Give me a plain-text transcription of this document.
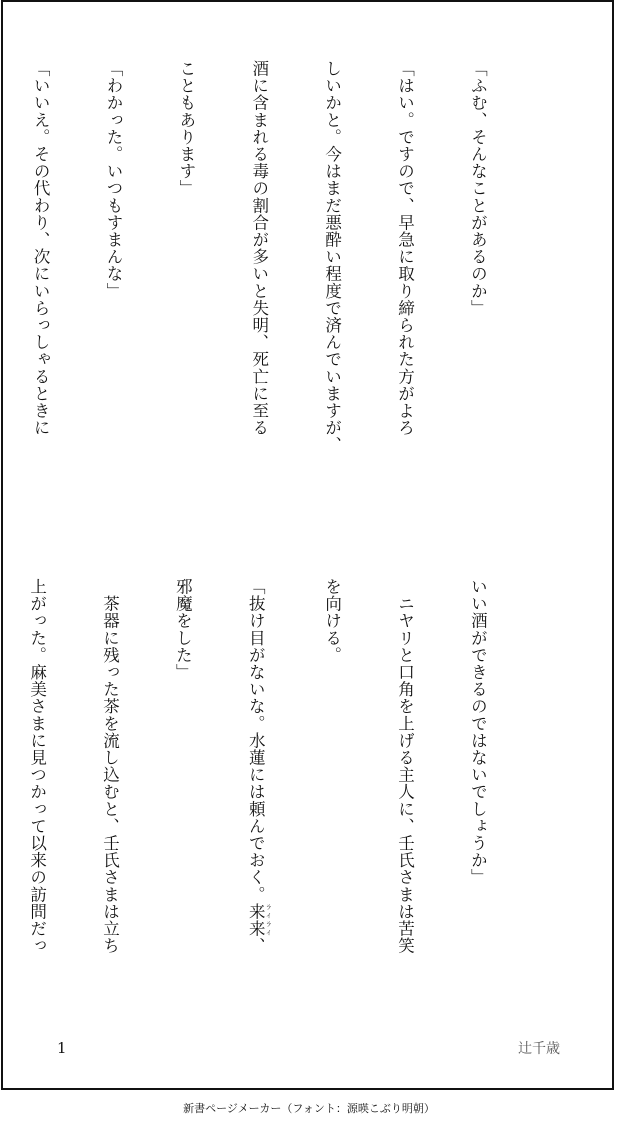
「ふむ、そんなことがあるのか」

「はい。ですので、早急に取り締られた方がよろ

しいかと。今はまだ悪酔い程度で済んでいますが、

酒に含まれる毒の割合が多いと失明、死亡に至る

こともあります」

「わかった。いつもすまんな」

「いいえ。その代わり、次にいらっしゃるときに

いい酒ができるのではないでしょうか」

　ニヤリと口角を上げる主人に、壬氏さまは苦笑

を向ける。

「抜け目がないな。水蓮には頼んでおく。来来 ライライ、

邪魔をした」

　茶器に残った茶を流し込むと、壬氏さまは立ち

上がった。麻美さまに見つかって以来の訪問だっ

1	辻千歳
新書ページメーカー（フォント：源暎こぶり明朝）
